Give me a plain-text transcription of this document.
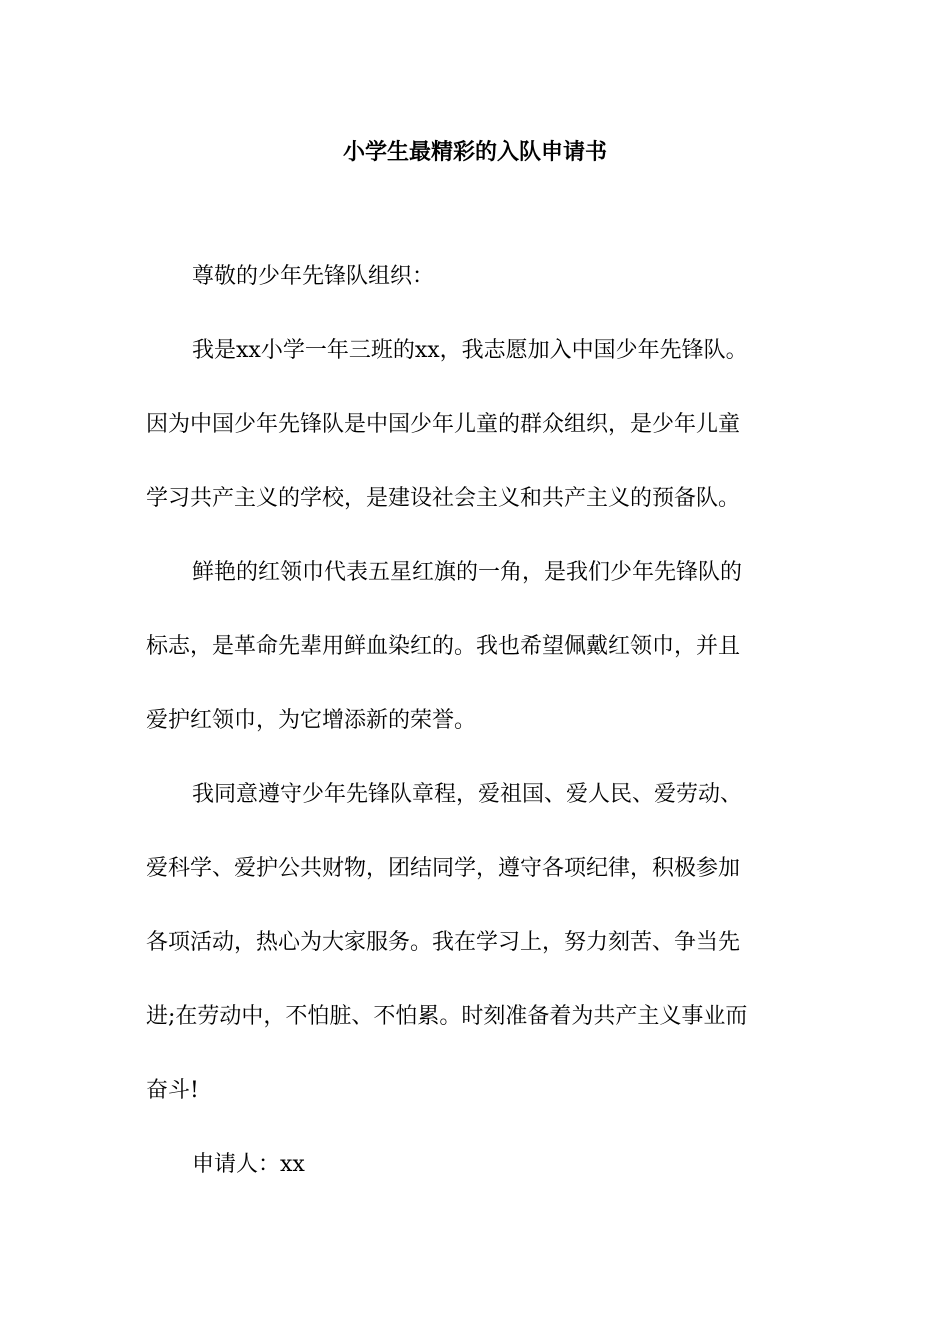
小学生最精彩的入队申请书
尊敬的少年先锋队组织：
我是xx小学一年三班的xx，我志愿加入中国少年先锋队。
因为中国少年先锋队是中国少年儿童的群众组织，是少年儿童
学习共产主义的学校，是建设社会主义和共产主义的预备队。
鲜艳的红领巾代表五星红旗的一角，是我们少年先锋队的
标志，是革命先辈用鲜血染红的。我也希望佩戴红领巾，并且
爱护红领巾，为它增添新的荣誉。
我同意遵守少年先锋队章程，爱祖国、爱人民、爱劳动、
爱科学、爱护公共财物，团结同学，遵守各项纪律，积极参加
各项活动，热心为大家服务。我在学习上，努力刻苦、争当先
进;在劳动中，不怕脏、不怕累。时刻准备着为共产主义事业而
奋斗!
申请人：xx
